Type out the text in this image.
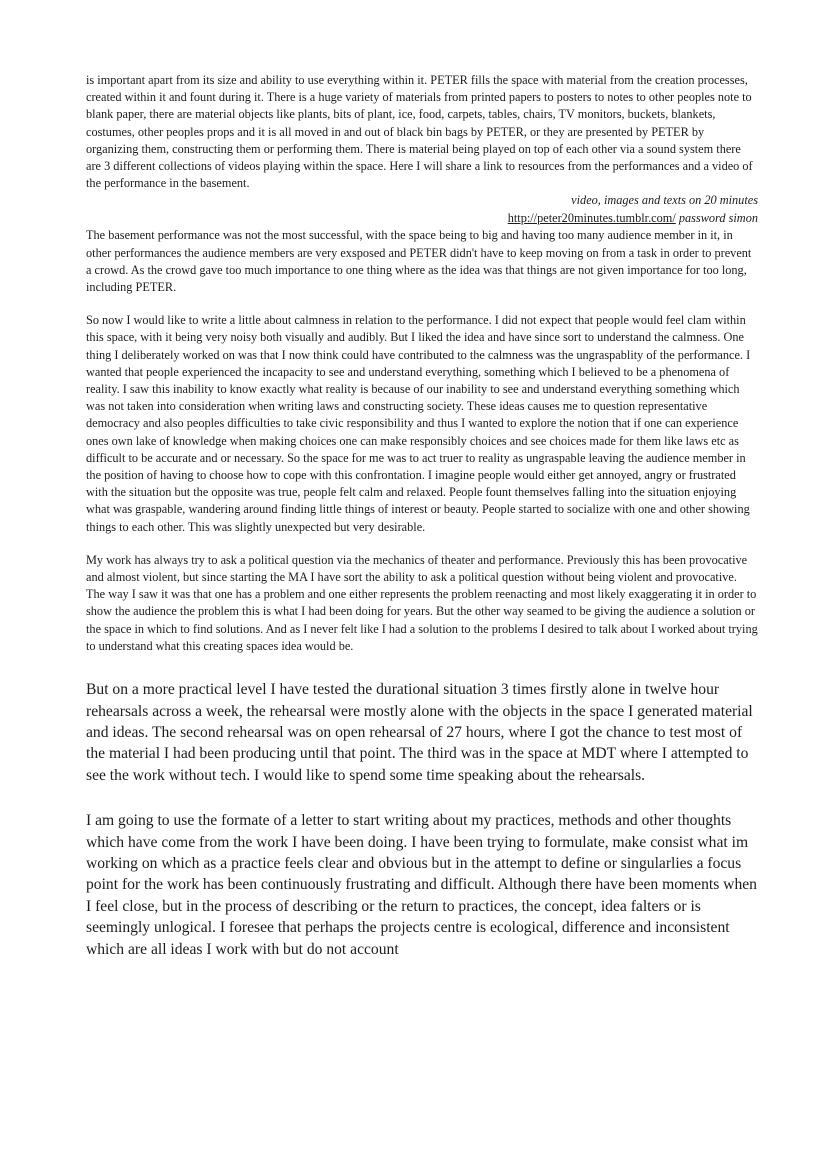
is important apart from its size and ability to use everything within it. PETER fills the space with material from the creation processes, created within it and fount during it. There is a huge variety of materials from printed papers to posters to notes to other peoples note to blank paper, there are material objects like plants, bits of plant, ice, food, carpets, tables, chairs, TV monitors, buckets, blankets, costumes, other peoples props and it is all moved in and out of black bin bags by PETER, or they are presented by PETER by organizing them, constructing them or performing them. There is material being played on top of each other via a sound system there are 3 different collections of videos playing within the space. Here I will share a link to resources from the performances and a video of the performance in the basement.

video, images and texts on 20 minutes

http://peter20minutes.tumblr.com/ password simon

The basement performance was not the most successful, with the space being to big and having too many audience member in it, in other performances the audience members are very exsposed and PETER didn't have to keep moving on from a task in order to prevent a crowd. As the crowd gave too much importance to one thing where as the idea was that things are not given importance for too long, including PETER.

So now I would like to write a little about calmness in relation to the performance. I did not expect that people would feel clam within this space, with it being very noisy both visually and audibly. But I liked the idea and have since sort to understand the calmness. One thing I deliberately worked on was that I now think could have contributed to the calmness was the ungraspablity of the performance. I wanted that people experienced the incapacity to see and understand everything, something which I believed to be a phenomena of reality. I saw this inability to know exactly what reality is because of our inability to see and understand everything something which was not taken into consideration when writing laws and constructing society. These ideas causes me to question representative democracy and also peoples difficulties to take civic responsibility and thus I wanted to explore the notion that if one can experience ones own lake of knowledge when making choices one can make responsibly choices and see choices made for them like laws etc as difficult to be accurate and or necessary. So the space for me was to act truer to reality as ungraspable leaving the audience member in the position of having to choose how to cope with this confrontation. I imagine people would either get annoyed, angry or frustrated with the situation but the opposite was true, people felt calm and relaxed. People fount themselves falling into the situation enjoying what was graspable, wandering around finding little things of interest or beauty. People started to socialize with one and other showing things to each other. This was slightly unexpected but very desirable.

My work has always try to ask a political question via the mechanics of theater and performance. Previously this has been provocative and almost violent, but since starting the MA I have sort the ability to ask a political question without being violent and provocative. The way I saw it was that one has a problem and one either represents the problem reenacting and most likely exaggerating it in order to show the audience the problem this is what I had been doing for years. But the other way seamed to be giving the audience a solution or the space in which to find solutions. And as I never felt like I had a solution to the problems I desired to talk about I worked about trying to understand what this creating spaces idea would be.

But on a more practical level I have tested the durational situation 3 times firstly alone in twelve hour rehearsals across a week, the rehearsal were mostly alone with the objects in the space I generated material and ideas. The second rehearsal was on open rehearsal of 27 hours, where I got the chance to test most of the material I had been producing until that point. The third was in the space at MDT where I attempted to see the work without tech. I would like to spend some time speaking about the rehearsals.

I am going to use the formate of a letter to start writing about my practices, methods and other thoughts which have come from the work I have been doing. I have been trying to formulate, make consist what im working on which as a practice feels clear and obvious but in the attempt to define or singularlies a focus point for the work has been continuously frustrating and difficult. Although there have been moments when I feel close, but in the process of describing or the return to practices, the concept, idea falters or is seemingly unlogical. I foresee that perhaps the projects centre is ecological, difference and inconsistent which are all ideas I work with but do not account
